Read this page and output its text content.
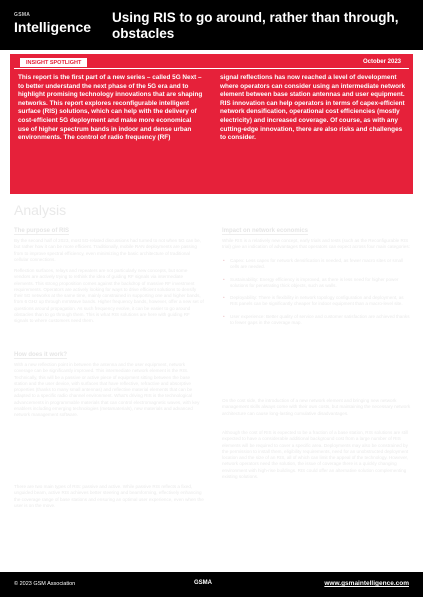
GSMA
Intelligence
Using RIS to go around, rather than through, obstacles
INSIGHT SPOTLIGHT	October 2023

This report is the first part of a new series – called 5G Next – to better understand the next phase of the 5G era and to highlight promising technology innovations that are shaping networks. This report explores reconfigurable intelligent surface (RIS) solutions, which can help with the delivery of cost-efficient 5G deployment and make more economical use of higher spectrum bands in indoor and dense urban environments. The control of radio frequency (RF)

signal reflections has now reached a level of development where operators can consider using an intermediate network element between base station antennas and user equipment. RIS innovation can help operators in terms of capex-efficient network densification, operational cost efficiencies (mostly electricity) and increased coverage. Of course, as with any cutting-edge innovation, there are also risks and challenges to consider.

Analysis
The purpose of RIS

By the second half of 2023, most 5G-related discussions had turned to not when 5G can be, but rather how it can be more efficient. Traditionally, mobile RAN deployments are passing from to improve spectral efficiency, even minimizing the basic architecture of traditional cellular connections.

Reflection surfaces, relays and repeaters are not particularly new concepts, but some vendors are actively trying to rethink the idea of guiding RF signals via intermediate elements. This strong proposition comes against the backdrop of massive RF investment requirements. Operators are actively looking for ways to drive efficient solutions to densify their 5G networks at the same time, mainly constrained in supporting one and higher bands, from 6 GHz up through mmWave bands. Higher frequency bands, however, offer a new set of questions around propagation. As such frequency evolve, it can be easier to go around obstacles than to go through them. This is what RIS solutions are here with guiding RF signals to where customers need them.

How does it work?

With a new reflection point in between the antenna and the user equipment, network coverage can be significantly improved. This intermediate network element is the RIS. Technically, this will be a passive or active piece of equipment sitting between the base station and the user device, with surfaces that have reflective, refractive and absorptive properties (thanks to many small antennas) and reflective material elements that can be adapted to a specific radio channel environment. What's driving RIS is the technological advancements in programmable materials that can control electromagnetic waves, with key enablers including emerging technologies (metamaterials), new materials and advanced network management software.

There are two main types of RIS: passive and active. While passive RIS reflects a fixed, unguided beam, active RIS achieves better steering and beamforming, effectively enhancing the coverage range of base stations and ensuring an optimal user experience, even when the user is on the move.

Impact on network economics

While RIS is a relatively new concept, early trials and tests (such as the Reconfigurable RIS trial) give an indication of advantages that operators can expect across four main categories:

• Capex: Less capex for network densification is needed, as fewer macro sites or small cells are needed.
• Sustainability: Energy efficiency is improved, as there is less need for higher power solutions for penetrating thick objects, such as walls.
• Deployability: There is flexibility in network topology configuration and deployment, as RIS panels can be significantly cheaper for indoor equipment than a macro-level site.
• User experience: Better quality of service and customer satisfaction are achieved thanks to fewer gaps in the coverage map.

On the cost side, the introduction of a new network element and bringing new network management skills always come with their own costs, but maintaining the necessary network architecture can cause long-lasting cumulative disadvantages.

Although the cost of RIS is expected to be a fraction of a base station, RIS solutions are still expected to have a considerable additional background cost from a large number of RIS elements will be required to cover a specific area. Deployments may also be constrained by the permission to install them, eligibility requirements, need for an unobstructed deployment location and the size of an RIS, all of which can limit the appeal of the technology. However, network operators need the solution, the issue of coverage there is a quickly changing environment with high-rise buildings. RIS could offer an alternative solution complementing existing solutions.

© 2023 GSM Association	GSMA	www.gsmaintelligence.com
